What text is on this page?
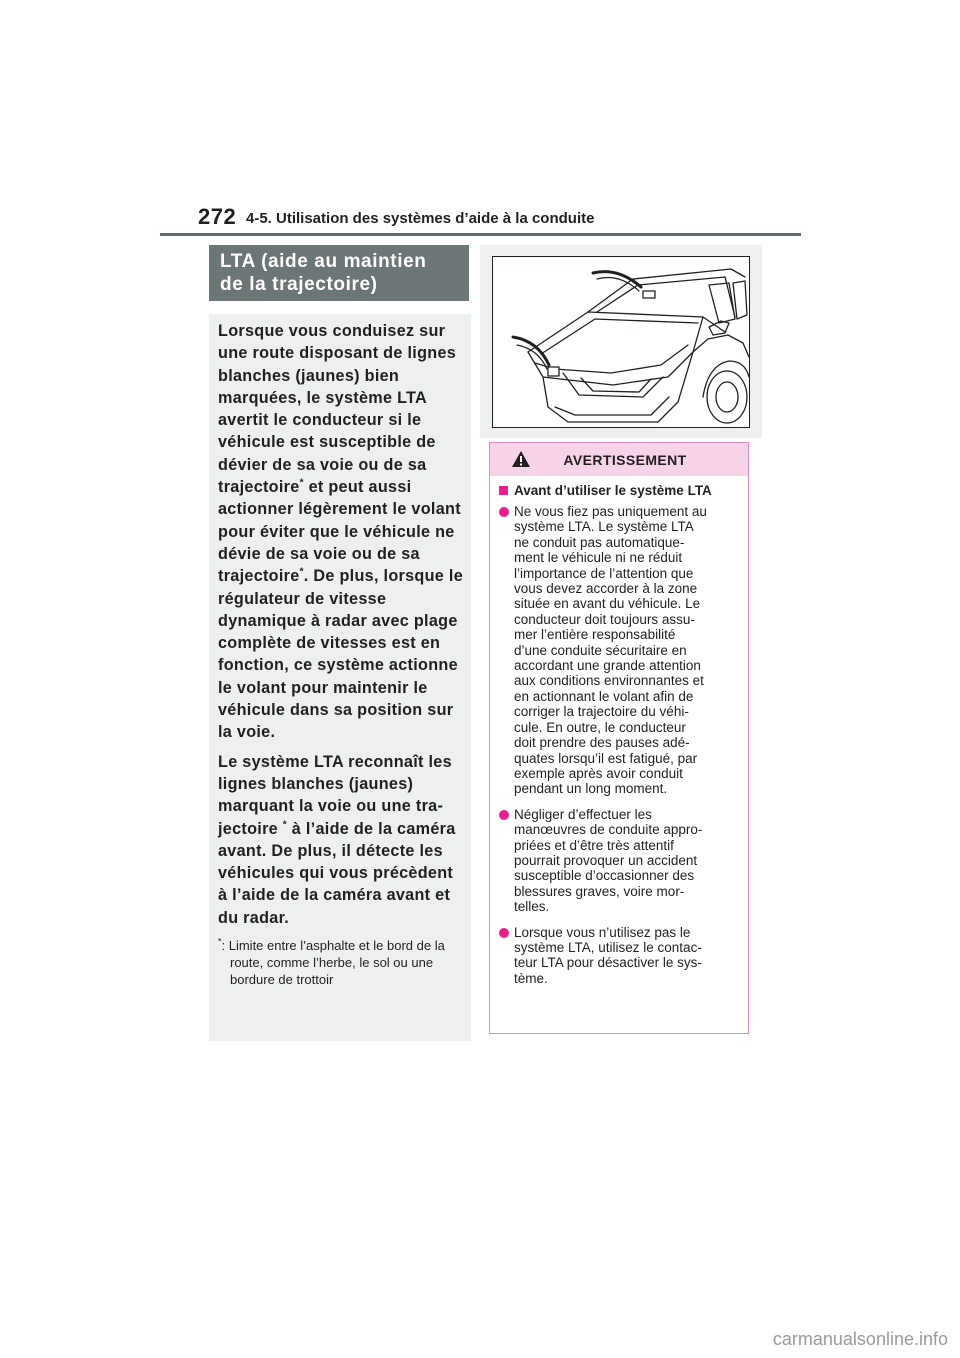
272 4-5. Utilisation des systèmes d’aide à la conduite
LTA (aide au maintien
de la trajectoire)

Lorsque vous conduisez sur une route disposant de lignes blanches (jaunes) bien marquées, le système LTA avertit le conducteur si le véhicule est susceptible de dévier de sa voie ou de sa trajectoire* et peut aussi actionner légèrement le volant pour éviter que le véhicule ne dévie de sa voie ou de sa trajectoire*. De plus, lorsque le régulateur de vitesse dynamique à radar avec plage complète de vitesses est en fonction, ce système actionne le volant pour maintenir le véhicule dans sa position sur la voie.

Le système LTA reconnaît les lignes blanches (jaunes) marquant la voie ou une tra-jectoire * à l’aide de la caméra avant. De plus, il détecte les véhicules qui vous précèdent à l’aide de la caméra avant et du radar.

*: Limite entre l’asphalte et le bord de la route, comme l’herbe, le sol ou une bordure de trottoir

AVERTISSEMENT
Avant d’utiliser le système LTA

Ne vous fiez pas uniquement au
système LTA. Le système LTA
ne conduit pas automatique-
ment le véhicule ni ne réduit
l’importance de l’attention que
vous devez accorder à la zone
située en avant du véhicule. Le
conducteur doit toujours assu-
mer l’entière responsabilité
d’une conduite sécuritaire en
accordant une grande attention
aux conditions environnantes et
en actionnant le volant afin de
corriger la trajectoire du véhi-
cule. En outre, le conducteur
doit prendre des pauses adé-
quates lorsqu’il est fatigué, par
exemple après avoir conduit
pendant un long moment.

Négliger d’effectuer les
manœuvres de conduite appro-
priées et d’être très attentif
pourrait provoquer un accident
susceptible d’occasionner des
blessures graves, voire mor-
telles.

Lorsque vous n’utilisez pas le
système LTA, utilisez le contac-
teur LTA pour désactiver le sys-
tème.

carmanualsonline.info
